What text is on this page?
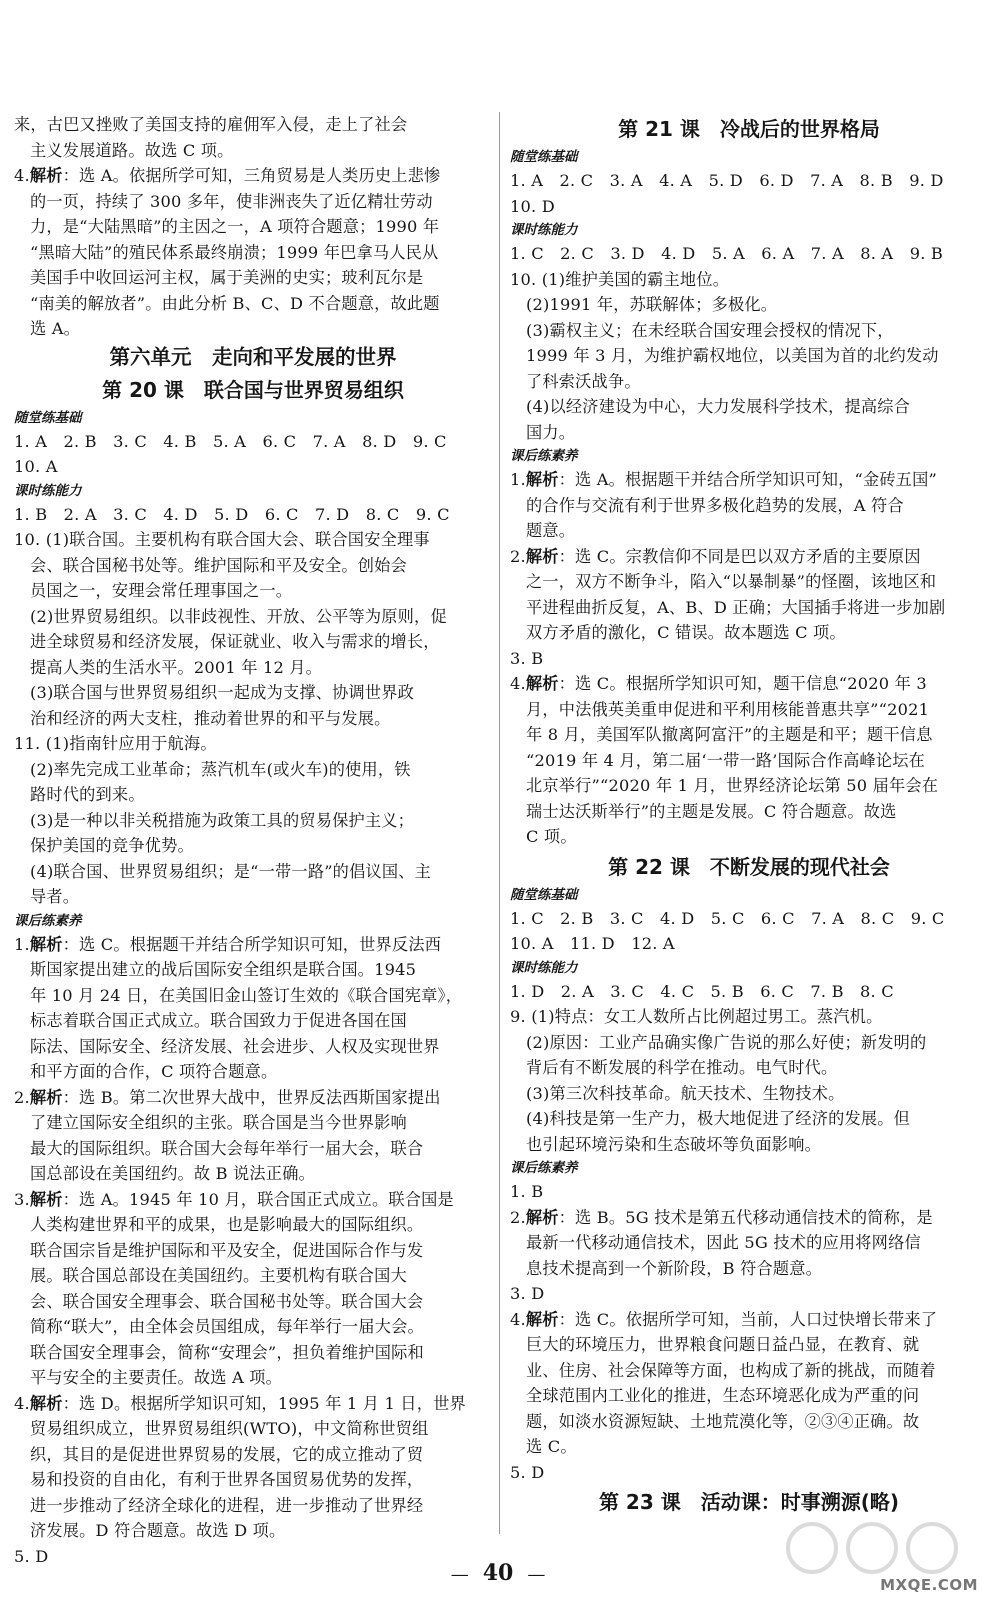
来，古巴又挫败了美国支持的雇佣军入侵，走上了社会
主义发展道路。故选 C 项。
4.解析：选 A。依据所学可知，三角贸易是人类历史上悲惨
的一页，持续了 300 多年，使非洲丧失了近亿精壮劳动
力，是“大陆黑暗”的主因之一，A 项符合题意；1990 年
“黑暗大陆”的殖民体系最终崩溃；1999 年巴拿马人民从
美国手中收回运河主权，属于美洲的史实；玻利瓦尔是
“南美的解放者”。由此分析 B、C、D 不合题意，故此题
选 A。
第六单元　走向和平发展的世界
第 20 课　联合国与世界贸易组织
随堂练基础
1. A　2. B　3. C　4. B　5. A　6. C　7. A　8. D　9. C
10. A
课时练能力
1. B　2. A　3. C　4. D　5. D　6. C　7. D　8. C　9. C
10. (1)联合国。主要机构有联合国大会、联合国安全理事
会、联合国秘书处等。维护国际和平及安全。创始会
员国之一，安理会常任理事国之一。
(2)世界贸易组织。以非歧视性、开放、公平等为原则，促
进全球贸易和经济发展，保证就业、收入与需求的增长，
提高人类的生活水平。2001 年 12 月。
(3)联合国与世界贸易组织一起成为支撑、协调世界政
治和经济的两大支柱，推动着世界的和平与发展。
11. (1)指南针应用于航海。
(2)率先完成工业革命；蒸汽机车(或火车)的使用，铁
路时代的到来。
(3)是一种以非关税措施为政策工具的贸易保护主义；
保护美国的竞争优势。
(4)联合国、世界贸易组织；是“一带一路”的倡议国、主
导者。
课后练素养
1.解析：选 C。根据题干并结合所学知识可知，世界反法西
斯国家提出建立的战后国际安全组织是联合国。1945
年 10 月 24 日，在美国旧金山签订生效的《联合国宪章》，
标志着联合国正式成立。联合国致力于促进各国在国
际法、国际安全、经济发展、社会进步、人权及实现世界
和平方面的合作，C 项符合题意。
2.解析：选 B。第二次世界大战中，世界反法西斯国家提出
了建立国际安全组织的主张。联合国是当今世界影响
最大的国际组织。联合国大会每年举行一届大会，联合
国总部设在美国纽约。故 B 说法正确。
3.解析：选 A。1945 年 10 月，联合国正式成立。联合国是
人类构建世界和平的成果，也是影响最大的国际组织。
联合国宗旨是维护国际和平及安全，促进国际合作与发
展。联合国总部设在美国纽约。主要机构有联合国大
会、联合国安全理事会、联合国秘书处等。联合国大会
简称“联大”，由全体会员国组成，每年举行一届大会。
联合国安全理事会，简称“安理会”，担负着维护国际和
平与安全的主要责任。故选 A 项。
4.解析：选 D。根据所学知识可知，1995 年 1 月 1 日，世界
贸易组织成立，世界贸易组织(WTO)，中文简称世贸组
织，其目的是促进世界贸易的发展，它的成立推动了贸
易和投资的自由化，有利于世界各国贸易优势的发挥，
进一步推动了经济全球化的进程，进一步推动了世界经
济发展。D 符合题意。故选 D 项。
5. D
第 21 课　冷战后的世界格局
随堂练基础
1. A　2. C　3. A　4. A　5. D　6. D　7. A　8. B　9. D
10. D
课时练能力
1. C　2. C　3. D　4. D　5. A　6. A　7. A　8. A　9. B
10. (1)维护美国的霸主地位。
(2)1991 年，苏联解体；多极化。
(3)霸权主义；在未经联合国安理会授权的情况下，
1999 年 3 月，为维护霸权地位，以美国为首的北约发动
了科索沃战争。
(4)以经济建设为中心，大力发展科学技术，提高综合
国力。
课后练素养
1.解析：选 A。根据题干并结合所学知识可知，“金砖五国”
的合作与交流有利于世界多极化趋势的发展，A 符合
题意。
2.解析：选 C。宗教信仰不同是巴以双方矛盾的主要原因
之一，双方不断争斗，陷入“以暴制暴”的怪圈，该地区和
平进程曲折反复，A、B、D 正确；大国插手将进一步加剧
双方矛盾的激化，C 错误。故本题选 C 项。
3. B
4.解析：选 C。根据所学知识可知，题干信息“2020 年 3
月，中法俄英美重申促进和平利用核能普惠共享”“2021
年 8 月，美国军队撤离阿富汗”的主题是和平；题干信息
“2019 年 4 月，第二届‘一带一路’国际合作高峰论坛在
北京举行”“2020 年 1 月，世界经济论坛第 50 届年会在
瑞士达沃斯举行”的主题是发展。C 符合题意。故选
C 项。
第 22 课　不断发展的现代社会
随堂练基础
1. C　2. B　3. C　4. D　5. C　6. C　7. A　8. C　9. C
10. A　11. D　12. A
课时练能力
1. D　2. A　3. C　4. C　5. B　6. C　7. B　8. C
9. (1)特点：女工人数所占比例超过男工。蒸汽机。
(2)原因：工业产品确实像广告说的那么好使；新发明的
背后有不断发展的科学在推动。电气时代。
(3)第三次科技革命。航天技术、生物技术。
(4)科技是第一生产力，极大地促进了经济的发展。但
也引起环境污染和生态破坏等负面影响。
课后练素养
1. B
2.解析：选 B。5G 技术是第五代移动通信技术的简称，是
最新一代移动通信技术，因此 5G 技术的应用将网络信
息技术提高到一个新阶段，B 符合题意。
3. D
4.解析：选 C。依据所学可知，当前，人口过快增长带来了
巨大的环境压力，世界粮食问题日益凸显，在教育、就
业、住房、社会保障等方面，也构成了新的挑战，而随着
全球范围内工业化的推进，生态环境恶化成为严重的问
题，如淡水资源短缺、土地荒漠化等，②③④正确。故
选 C。
5. D
第 23 课　活动课：时事溯源(略)
— 40 —	MXQE.COM
